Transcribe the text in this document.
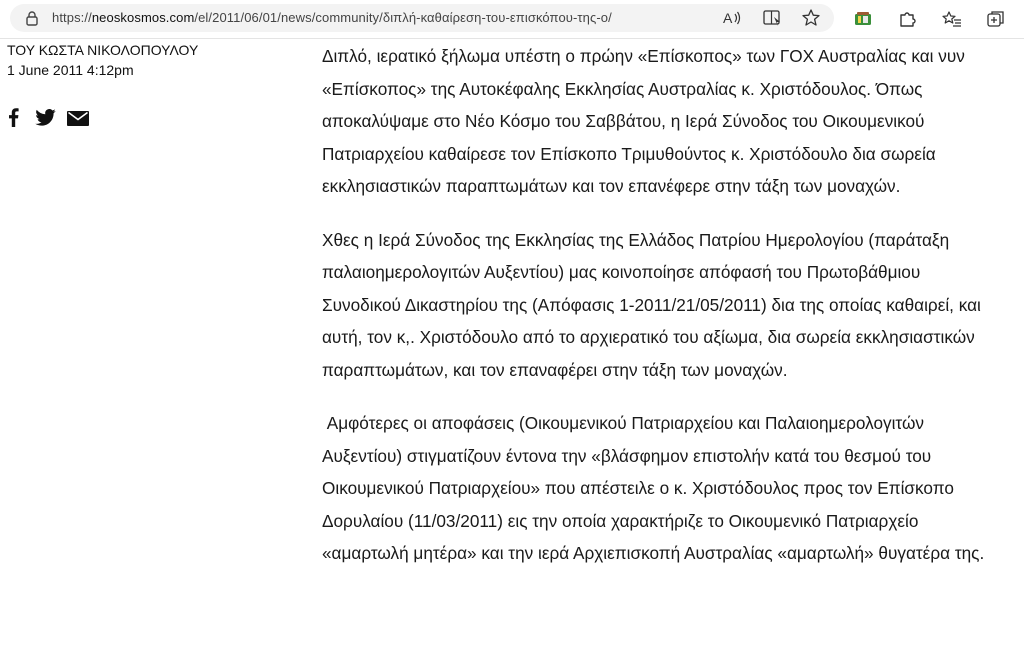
https://neoskosmos.com/el/2011/06/01/news/community/διπλή-καθαίρεση-του-επισκόπου-της-ο/	A
ΤΟΥ ΚΩΣΤΑ ΝΙΚΟΛΟΠΟΥΛΟΥ
1 June 2011 4:12pm

Διπλό, ιερατικό ξήλωμα υπέστη ο πρώην «Επίσκοπος» των ΓΟΧ Αυστραλίας και νυν «Επίσκοπος» της Αυτοκέφαλης Εκκλησίας Αυστραλίας κ. Χριστόδουλος. Όπως αποκαλύψαμε στο Νέο Κόσμο του Σαββάτου, η Ιερά Σύνοδος του Οικουμενικού Πατριαρχείου καθαίρεσε τον Επίσκοπο Τριμυθούντος κ. Χριστόδουλο δια σωρεία εκκλησιαστικών παραπτωμάτων και τον επανέφερε στην τάξη των μοναχών.

Χθες η Ιερά Σύνοδος της Εκκλησίας της Ελλάδος Πατρίου Ημερολογίου (παράταξη παλαιοημερολογιτών Αυξεντίου) μας κοινοποίησε απόφασή του Πρωτοβάθμιου Συνοδικού Δικαστηρίου της (Απόφασις 1-2011/21/05/2011) δια της οποίας καθαιρεί, και αυτή, τον κ,. Χριστόδουλο από το αρχιερατικό του αξίωμα, δια σωρεία εκκλησιαστικών παραπτωμάτων, και τον επαναφέρει στην τάξη των μοναχών.

Αμφότερες οι αποφάσεις (Οικουμενικού Πατριαρχείου και Παλαιοημερολογιτών Αυξεντίου) στιγματίζουν έντονα την «βλάσφημον επιστολήν κατά του θεσμού του Οικουμενικού Πατριαρχείου» που απέστειλε ο κ. Χριστόδουλος προς τον Επίσκοπο Δορυλαίου (11/03/2011) εις την οποία χαρακτήριζε το Οικουμενικό Πατριαρχείο «αμαρτωλή μητέρα» και την ιερά Αρχιεπισκοπή Αυστραλίας «αμαρτωλή» θυγατέρα της.
